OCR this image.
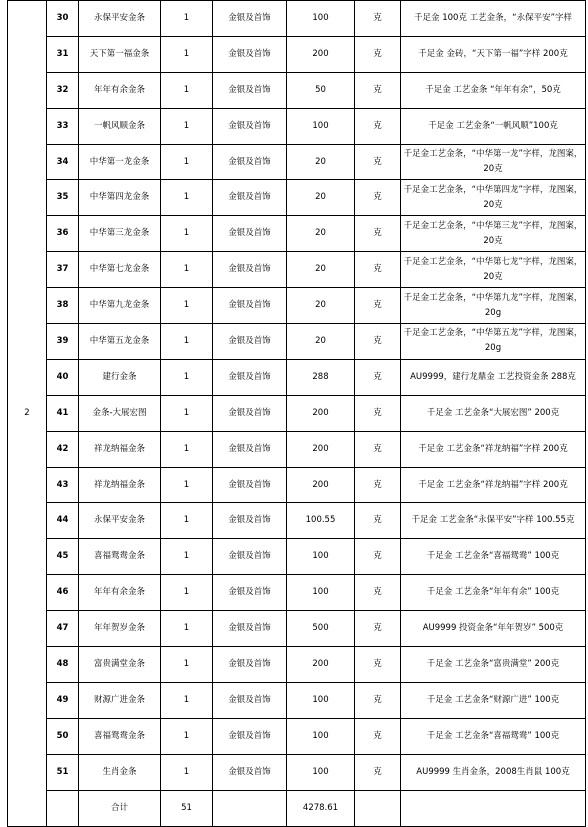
2	30	永保平安金条	1	金银及首饰	100	克	千足金 100克 工艺金条，“永保平安”字样
	31	天下第一福金条	1	金银及首饰	200	克	千足金 金砖，“天下第一福”字样 200克
	32	年年有余金条	1	金银及首饰	50	克	千足金 工艺金条 “年年有余”，50克
	33	一帆风顺金条	1	金银及首饰	100	克	千足金 工艺金条“一帆风顺”100克
	34	中华第一龙金条	1	金银及首饰	20	克	千足金工艺金条，“中华第一龙”字样，龙图案， 20克
	35	中华第四龙金条	1	金银及首饰	20	克	千足金工艺金条，“中华第四龙”字样，龙图案， 20克
	36	中华第三龙金条	1	金银及首饰	20	克	千足金工艺金条，“中华第三龙”字样，龙图案， 20克
	37	中华第七龙金条	1	金银及首饰	20	克	千足金工艺金条，“中华第七龙”字样，龙图案， 20克
	38	中华第九龙金条	1	金银及首饰	20	克	千足金工艺金条，“中华第九龙”字样，龙图案，20g
	39	中华第五龙金条	1	金银及首饰	20	克	千足金工艺金条，“中华第五龙”字样，龙图案，20g
	40	建行金条	1	金银及首饰	288	克	AU9999，建行龙鼎金 工艺投资金条 288克
	41	金条-大展宏图	1	金银及首饰	200	克	千足金 工艺金条“大展宏图” 200克
	42	祥龙纳福金条	1	金银及首饰	200	克	千足金 工艺金条“祥龙纳福”字样 200克
	43	祥龙纳福金条	1	金银及首饰	200	克	千足金 工艺金条“祥龙纳福”字样 200克
	44	永保平安金条	1	金银及首饰	100.55	克	千足金 工艺金条“永保平安”字样 100.55克
	45	喜福鸳鸯金条	1	金银及首饰	100	克	千足金 工艺金条“喜福鸳鸯” 100克
	46	年年有余金条	1	金银及首饰	100	克	千足金 工艺金条“年年有余” 100克
	47	年年贺岁金条	1	金银及首饰	500	克	AU9999 投资金条“年年贺岁” 500克
	48	富贵满堂金条	1	金银及首饰	200	克	千足金 工艺金条“富贵满堂” 200克
	49	财源广进金条	1	金银及首饰	100	克	千足金 工艺金条“财源广进” 100克
	50	喜福鸳鸯金条	1	金银及首饰	100	克	千足金 工艺金条“喜福鸳鸯” 100克
	51	生肖金条	1	金银及首饰	100	克	AU9999 生肖金条，2008生肖鼠 100克
		合计	51		4278.61		
